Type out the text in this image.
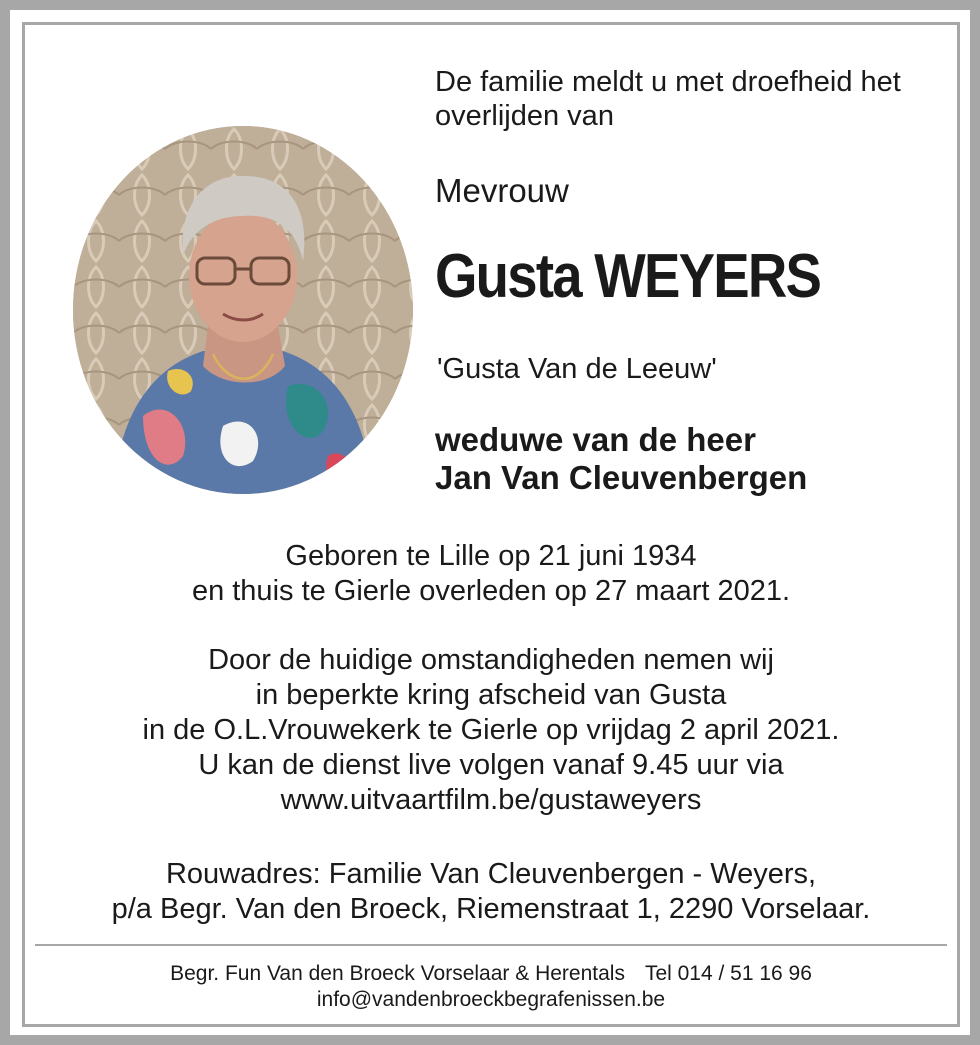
De familie meldt u met droefheid het overlijden van

Mevrouw
Gusta WEYERS
'Gusta Van de Leeuw'
weduwe van de heer
Jan Van Cleuvenbergen
Geboren te Lille op 21 juni 1934
en thuis te Gierle overleden op 27 maart 2021.
Door de huidige omstandigheden nemen wij
in beperkte kring afscheid van Gusta
in de O.L.Vrouwekerk te Gierle op vrijdag 2 april 2021.
U kan de dienst live volgen vanaf 9.45 uur via
www.uitvaartfilm.be/gustaweyers
Rouwadres: Familie Van Cleuvenbergen - Weyers,
p/a Begr. Van den Broeck, Riemenstraat 1, 2290 Vorselaar.
Begr. Fun Van den Broeck Vorselaar & Herentals Tel 014 / 51 16 96
info@vandenbroeckbegrafenissen.be
